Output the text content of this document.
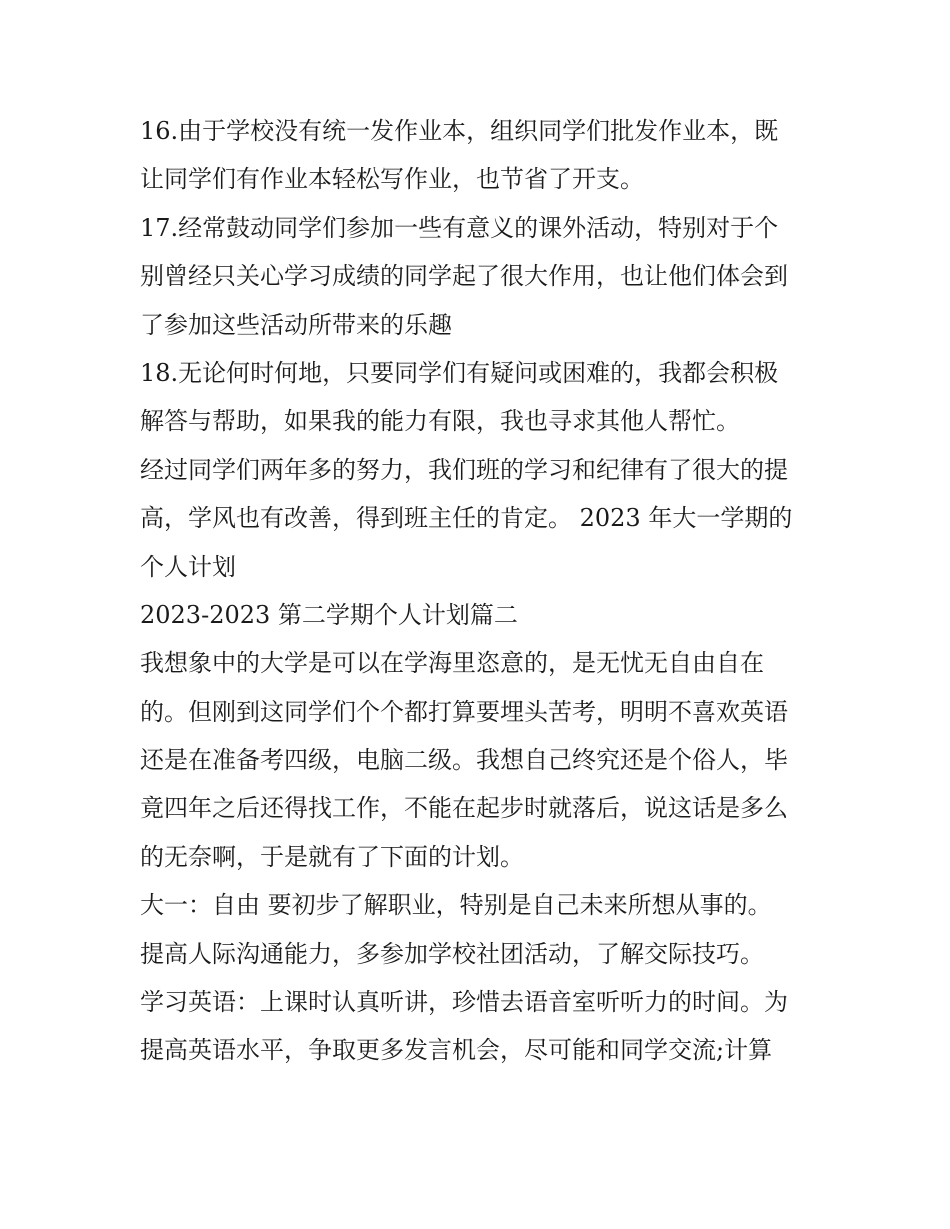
16.由于学校没有统一发作业本，组织同学们批发作业本，既
让同学们有作业本轻松写作业，也节省了开支。
17.经常鼓动同学们参加一些有意义的课外活动，特别对于个
别曾经只关心学习成绩的同学起了很大作用，也让他们体会到
了参加这些活动所带来的乐趣
18.无论何时何地，只要同学们有疑问或困难的，我都会积极
解答与帮助，如果我的能力有限，我也寻求其他人帮忙。
经过同学们两年多的努力，我们班的学习和纪律有了很大的提
高，学风也有改善，得到班主任的肯定。 2023 年大一学期的
个人计划
2023-2023 第二学期个人计划篇二
我想象中的大学是可以在学海里恣意的，是无忧无自由自在
的。但刚到这同学们个个都打算要埋头苦考，明明不喜欢英语
还是在准备考四级，电脑二级。我想自己终究还是个俗人，毕
竟四年之后还得找工作，不能在起步时就落后，说这话是多么
的无奈啊，于是就有了下面的计划。
大一：自由 要初步了解职业，特别是自己未来所想从事的。
提高人际沟通能力，多参加学校社团活动，了解交际技巧。
学习英语：上课时认真听讲，珍惜去语音室听听力的时间。为
提高英语水平，争取更多发言机会，尽可能和同学交流;计算
